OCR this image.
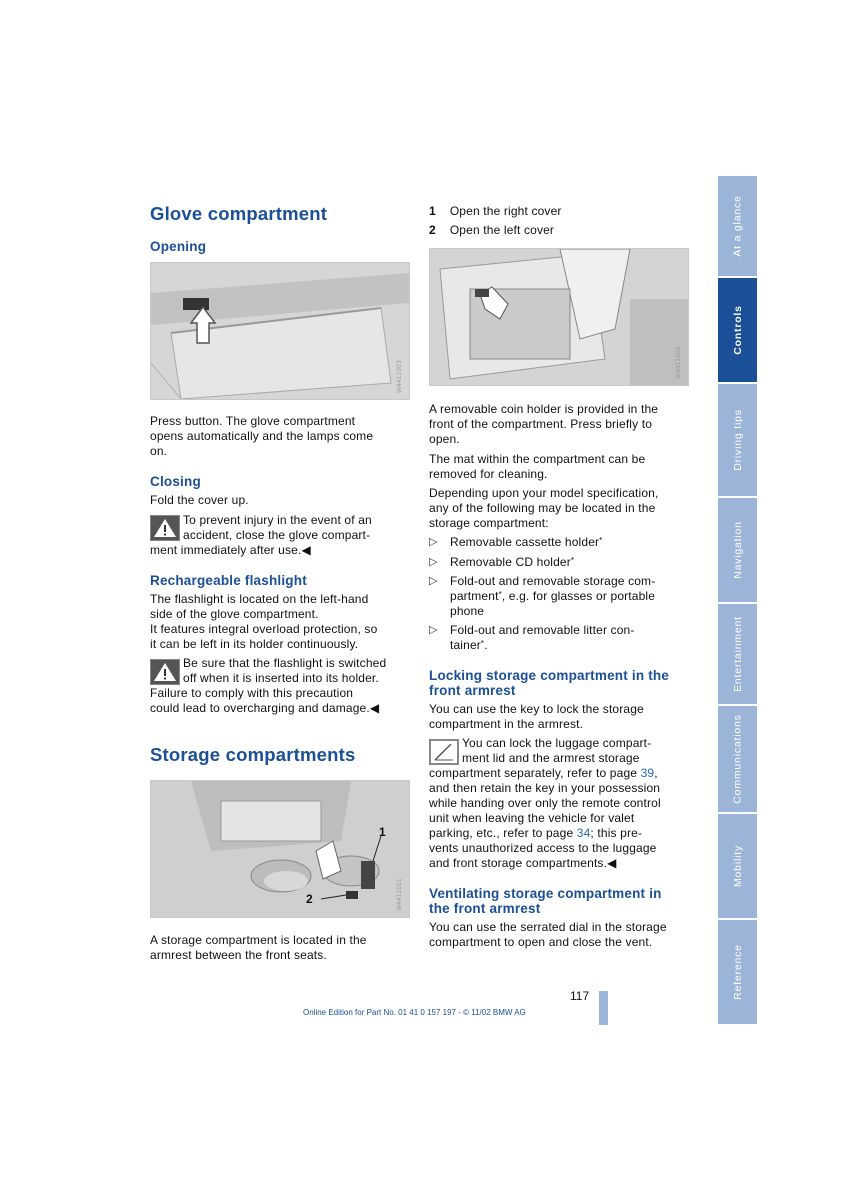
Glove compartment
Opening
W4411003
Press button. The glove compartment
opens automatically and the lamps come
on.
Closing
Fold the cover up.
To prevent injury in the event of an
accident, close the glove compart-
ment immediately after use.◀
Rechargeable flashlight
The flashlight is located on the left-hand
side of the glove compartment.
It features integral overload protection, so
it can be left in its holder continuously.
Be sure that the flashlight is switched
off when it is inserted into its holder.
Failure to comply with this precaution
could lead to overcharging and damage.◀
Storage compartments
W4411011
1
2
A storage compartment is located in the
armrest between the front seats.
1 Open the right cover
2 Open the left cover
W4411008
A removable coin holder is provided in the
front of the compartment. Press briefly to
open.
The mat within the compartment can be
removed for cleaning.
Depending upon your model specification,
any of the following may be located in the
storage compartment:
▷ Removable cassette holder*
▷ Removable CD holder*
▷ Fold-out and removable storage com-
partment*, e.g. for glasses or portable
phone
▷ Fold-out and removable litter con-
tainer*.
Locking storage compartment in the
front armrest
You can use the key to lock the storage
compartment in the armrest.
You can lock the luggage compart-
ment lid and the armrest storage
compartment separately, refer to page 39,
and then retain the key in your possession
while handing over only the remote control
unit when leaving the vehicle for valet
parking, etc., refer to page 34; this pre-
vents unauthorized access to the luggage
and front storage compartments.◀
Ventilating storage compartment in
the front armrest
You can use the serrated dial in the storage
compartment to open and close the vent.
At a glance
Controls
Driving tips
Navigation
Entertainment
Communications
Mobility
Reference
117
Online Edition for Part No. 01 41 0 157 197 - © 11/02 BMW AG
